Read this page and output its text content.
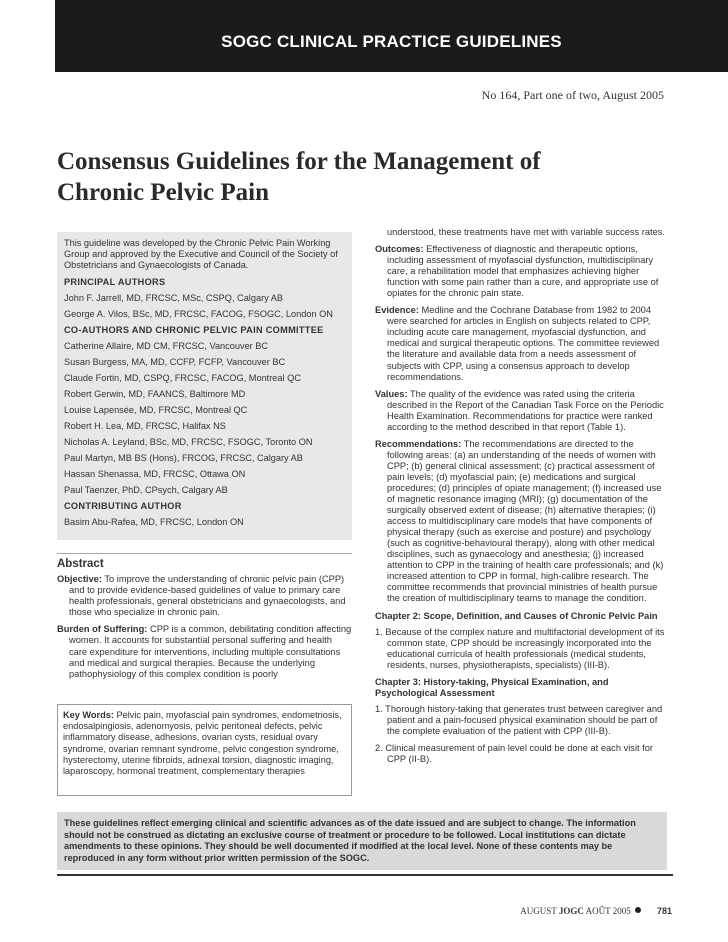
SOGC CLINICAL PRACTICE GUIDELINES
No 164, Part one of two, August 2005
Consensus Guidelines for the Management of
Chronic Pelvic Pain

This guideline was developed by the Chronic Pelvic Pain Working Group and approved by the Executive and Council of the Society of Obstetricians and Gynaecologists of Canada.

PRINCIPAL AUTHORS

John F. Jarrell, MD, FRCSC, MSc, CSPQ, Calgary AB

George A. Vilos, BSc, MD, FRCSC, FACOG, FSOGC, London ON

CO-AUTHORS AND CHRONIC PELVIC PAIN COMMITTEE

Catherine Allaire, MD CM, FRCSC, Vancouver BC

Susan Burgess, MA, MD, CCFP, FCFP, Vancouver BC

Claude Fortin, MD, CSPQ, FRCSC, FACOG, Montreal QC

Robert Gerwin, MD, FAANCS, Baltimore MD

Louise Lapensée, MD, FRCSC, Montreal QC

Robert H. Lea, MD, FRCSC, Halifax NS

Nicholas A. Leyland, BSc, MD, FRCSC, FSOGC, Toronto ON

Paul Martyn, MB BS (Hons), FRCOG, FRCSC, Calgary AB

Hassan Shenassa, MD, FRCSC, Ottawa ON

Paul Taenzer, PhD, CPsych, Calgary AB

CONTRIBUTING AUTHOR

Basim Abu-Rafea, MD, FRCSC, London ON

Abstract

Objective: To improve the understanding of chronic pelvic pain (CPP) and to provide evidence-based guidelines of value to primary care health professionals, general obstetricians and gynaecologists, and those who specialize in chronic pain.

Burden of Suffering: CPP is a common, debilitating condition affecting women. It accounts for substantial personal suffering and health care expenditure for interventions, including multiple consultations and medical and surgical therapies. Because the underlying pathophysiology of this complex condition is poorly

Key Words: Pelvic pain, myofascial pain syndromes, endometriosis, endosalpingiosis, adenomyosis, pelvic peritoneal defects, pelvic inflammatory disease, adhesions, ovarian cysts, residual ovary syndrome, ovarian remnant syndrome, pelvic congestion syndrome, hysterectomy, uterine fibroids, adnexal torsion, diagnostic imaging, laparoscopy, hormonal treatment, complementary therapies

understood, these treatments have met with variable success rates.

Outcomes: Effectiveness of diagnostic and therapeutic options, including assessment of myofascial dysfunction, multidisciplinary care, a rehabilitation model that emphasizes achieving higher function with some pain rather than a cure, and appropriate use of opiates for the chronic pain state.

Evidence: Medline and the Cochrane Database from 1982 to 2004 were searched for articles in English on subjects related to CPP, including acute care management, myofascial dysfunction, and medical and surgical therapeutic options. The committee reviewed the literature and available data from a needs assessment of subjects with CPP, using a consensus approach to develop recommendations.

Values: The quality of the evidence was rated using the criteria described in the Report of the Canadian Task Force on the Periodic Health Examination. Recommendations for practice were ranked according to the method described in that report (Table 1).

Recommendations: The recommendations are directed to the following areas: (a) an understanding of the needs of women with CPP; (b) general clinical assessment; (c) practical assessment of pain levels; (d) myofascial pain; (e) medications and surgical procedures; (d) principles of opiate management; (f) increased use of magnetic resonance imaging (MRI); (g) documentation of the surgically observed extent of disease; (h) alternative therapies; (i) access to multidisciplinary care models that have components of physical therapy (such as exercise and posture) and psychology (such as cognitive-behavioural therapy), along with other medical disciplines, such as gynaecology and anesthesia; (j) increased attention to CPP in the training of health care professionals; and (k) increased attention to CPP in formal, high-calibre research. The committee recommends that provincial ministries of health pursue the creation of multidisciplinary teams to manage the condition.

Chapter 2: Scope, Definition, and Causes of Chronic Pelvic Pain

1. Because of the complex nature and multifactorial development of its common state, CPP should be increasingly incorporated into the educational curricula of health professionals (medical students, residents, nurses, physiotherapists, specialists) (III-B).

Chapter 3: History-taking, Physical Examination, and Psychological Assessment

1. Thorough history-taking that generates trust between caregiver and patient and a pain-focused physical examination should be part of the complete evaluation of the patient with CPP (III-B).

2. Clinical measurement of pain level could be done at each visit for CPP (II-B).

These guidelines reflect emerging clinical and scientific advances as of the date issued and are subject to change. The information should not be construed as dictating an exclusive course of treatment or procedure to be followed. Local institutions can dictate amendments to these opinions. They should be well documented if modified at the local level. None of these contents may be reproduced in any form without prior written permission of the SOGC.
AUGUST JOGC AOÛT 2005	781
